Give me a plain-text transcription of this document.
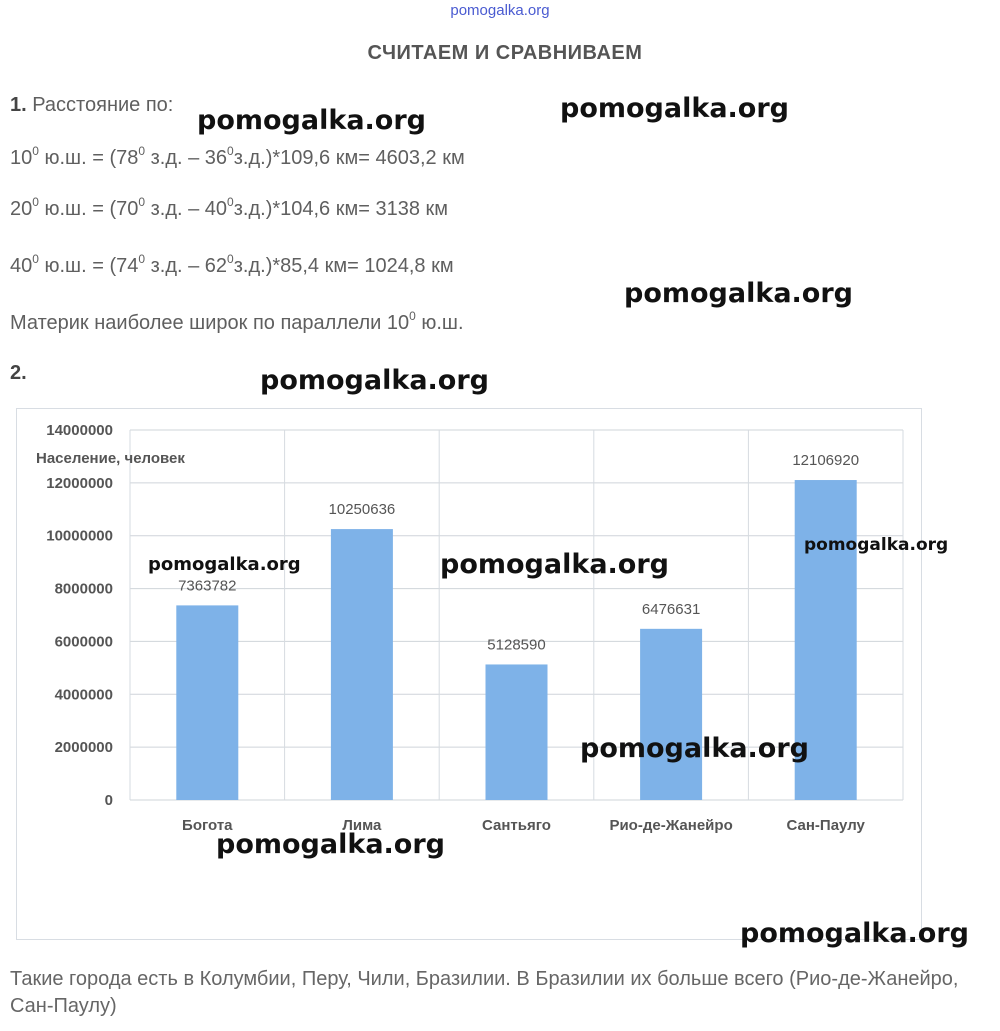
pomogalka.org
СЧИТАЕМ И СРАВНИВАЕМ
1. Расстояние по:
$10^0$ ю.ш. = ($78^0$ з.д. – $36^0з.д.)*109,6$ км= 4603,2 км
$20^0$ ю.ш. = ($70^0$ з.д. – $40^0з.д.)*104,6$ км= 3138 км
$40^0$ ю.ш. = ($74^0$ з.д. – $62^0з.д.)*85,4$ км= 1024,8 км
Материк наиболее широк по параллели $10^0$ ю.ш.
2.
0
2000000
4000000
6000000
8000000
10000000
12000000
14000000
7363782
Богота
10250636
Лима
5128590
Сантьяго
6476631
Рио-де-Жанейро
12106920
Сан-Паулу
Население, человек
Такие города есть в Колумбии, Перу, Чили, Бразилии. В Бразилии их больше всего (Рио-де-Жанейро, Сан-Паулу)
pomogalka.org	pomogalka.org
pomogalka.org
pomogalka.org
pomogalka.org	pomogalka.org
pomogalka.org
pomogalka.org
pomogalka.org
pomogalka.org
